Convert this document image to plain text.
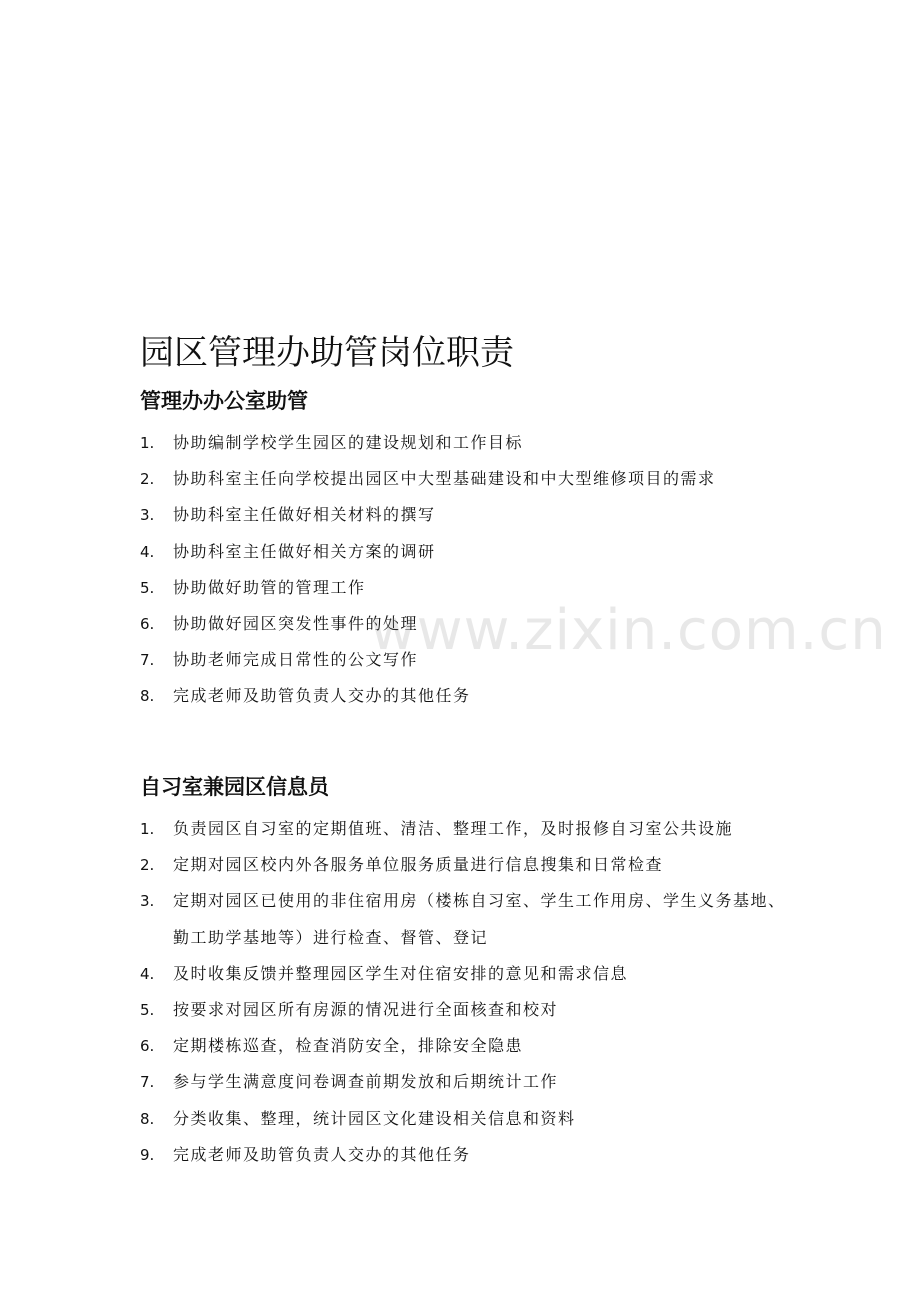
园区管理办助管岗位职责
管理办办公室助管
1. 协助编制学校学生园区的建设规划和工作目标
2. 协助科室主任向学校提出园区中大型基础建设和中大型维修项目的需求
3. 协助科室主任做好相关材料的撰写
4. 协助科室主任做好相关方案的调研
5. 协助做好助管的管理工作
6. 协助做好园区突发性事件的处理
7. 协助老师完成日常性的公文写作
8. 完成老师及助管负责人交办的其他任务
自习室兼园区信息员
1. 负责园区自习室的定期值班、清洁、整理工作，及时报修自习室公共设施
2. 定期对园区校内外各服务单位服务质量进行信息搜集和日常检查
3. 定期对园区已使用的非住宿用房（楼栋自习室、学生工作用房、学生义务基地、勤工助学基地等）进行检查、督管、登记
4. 及时收集反馈并整理园区学生对住宿安排的意见和需求信息
5. 按要求对园区所有房源的情况进行全面核查和校对
6. 定期楼栋巡查，检查消防安全，排除安全隐患
7. 参与学生满意度问卷调查前期发放和后期统计工作
8. 分类收集、整理，统计园区文化建设相关信息和资料
9. 完成老师及助管负责人交办的其他任务
www.zixin.com.cn
